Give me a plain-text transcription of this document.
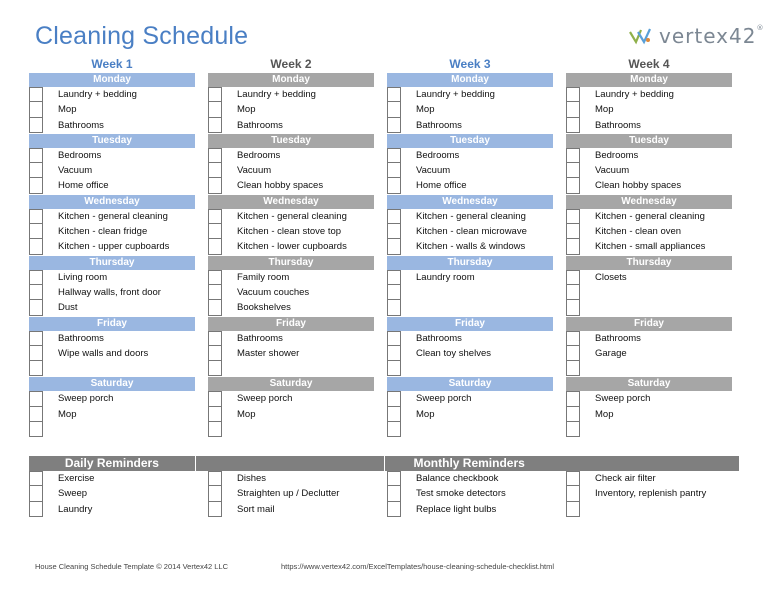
Cleaning Schedule	vertex42®
Week 1
Monday
Laundry + bedding
Mop
Bathrooms
Tuesday
Bedrooms
Vacuum
Home office
Wednesday
Kitchen - general cleaning
Kitchen - clean fridge
Kitchen - upper cupboards
Thursday
Living room
Hallway walls, front door
Dust
Friday
Bathrooms
Wipe walls and doors
Saturday
Sweep porch
Mop
Week 2
Monday
Laundry + bedding
Mop
Bathrooms
Tuesday
Bedrooms
Vacuum
Clean hobby spaces
Wednesday
Kitchen - general cleaning
Kitchen - clean stove top
Kitchen - lower cupboards
Thursday
Family room
Vacuum couches
Bookshelves
Friday
Bathrooms
Master shower
Saturday
Sweep porch
Mop
Week 3
Monday
Laundry + bedding
Mop
Bathrooms
Tuesday
Bedrooms
Vacuum
Home office
Wednesday
Kitchen - general cleaning
Kitchen - clean microwave
Kitchen - walls & windows
Thursday
Laundry room
Friday
Bathrooms
Clean toy shelves
Saturday
Sweep porch
Mop
Week 4
Monday
Laundry + bedding
Mop
Bathrooms
Tuesday
Bedrooms
Vacuum
Clean hobby spaces
Wednesday
Kitchen - general cleaning
Kitchen - clean oven
Kitchen - small appliances
Thursday
Closets
Friday
Bathrooms
Garage
Saturday
Sweep porch
Mop
Daily Reminders	Monthly Reminders
Exercise
Sweep
Laundry
Dishes
Straighten up / Declutter
Sort mail
Balance checkbook
Test smoke detectors
Replace light bulbs
Check air filter
Inventory, replenish pantry
House Cleaning Schedule Template © 2014 Vertex42 LLC	https://www.vertex42.com/ExcelTemplates/house-cleaning-schedule-checklist.html
